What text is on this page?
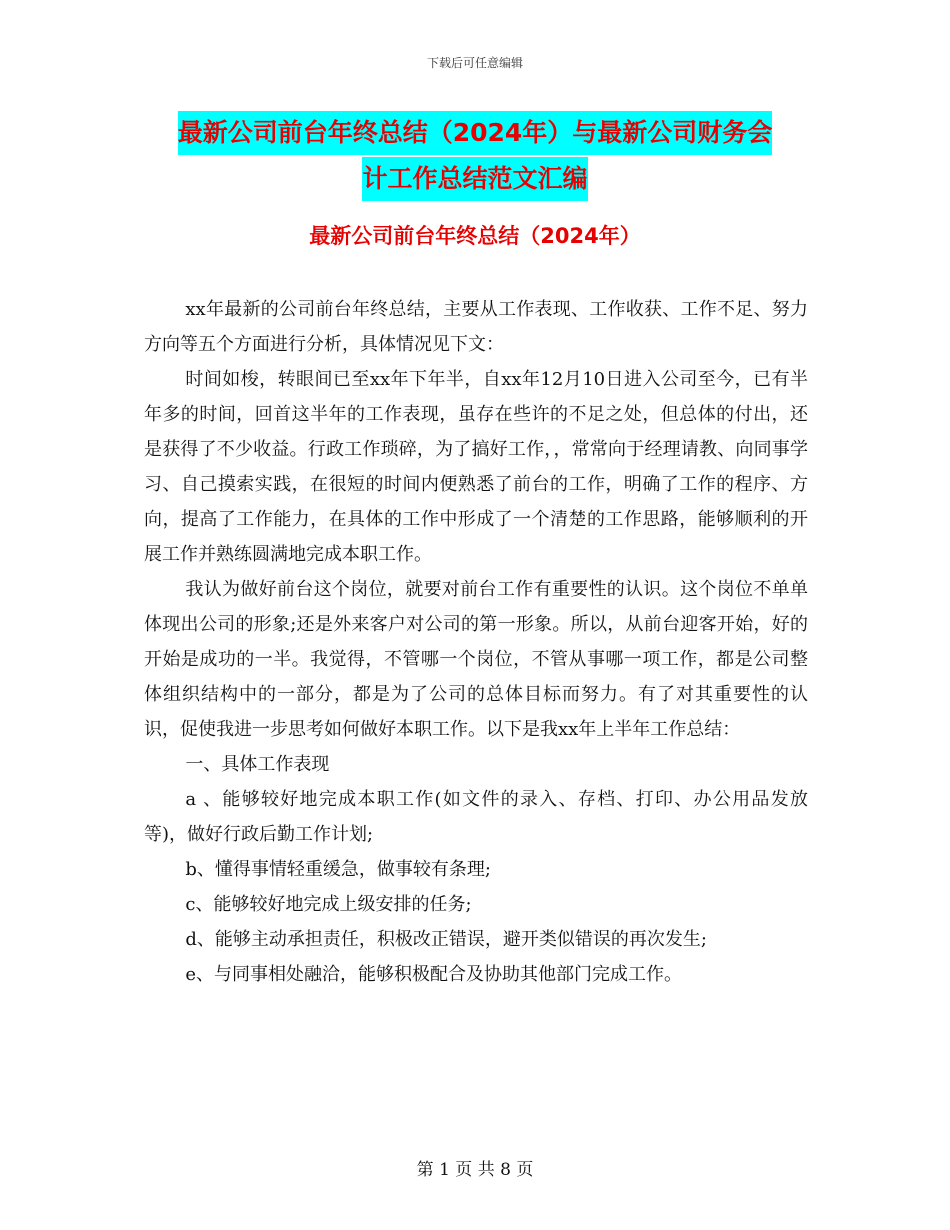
下载后可任意编辑
最新公司前台年终总结（2024年）与最新公司财务会
计工作总结范文汇编
最新公司前台年终总结（2024年）

xx年最新的公司前台年终总结，主要从工作表现、工作收获、工作不足、努力方向等五个方面进行分析，具体情况见下文：

时间如梭，转眼间已至xx年下年半，自xx年12月10日进入公司至今，已有半年多的时间，回首这半年的工作表现，虽存在些许的不足之处，但总体的付出，还是获得了不少收益。行政工作琐碎，为了搞好工作，，常常向于经理请教、向同事学习、自己摸索实践，在很短的时间内便熟悉了前台的工作，明确了工作的程序、方向，提高了工作能力，在具体的工作中形成了一个清楚的工作思路，能够顺利的开展工作并熟练圆满地完成本职工作。

我认为做好前台这个岗位，就要对前台工作有重要性的认识。这个岗位不单单体现出公司的形象;还是外来客户对公司的第一形象。所以，从前台迎客开始，好的开始是成功的一半。我觉得，不管哪一个岗位，不管从事哪一项工作，都是公司整体组织结构中的一部分，都是为了公司的总体目标而努力。有了对其重要性的认识，促使我进一步思考如何做好本职工作。以下是我xx年上半年工作总结：

一、具体工作表现

a 、能够较好地完成本职工作(如文件的录入、存档、打印、办公用品发放等)，做好行政后勤工作计划;

b、懂得事情轻重缓急，做事较有条理;

c、能够较好地完成上级安排的任务;

d、能够主动承担责任，积极改正错误，避开类似错误的再次发生;

e、与同事相处融洽，能够积极配合及协助其他部门完成工作。

第 1 页 共 8 页
